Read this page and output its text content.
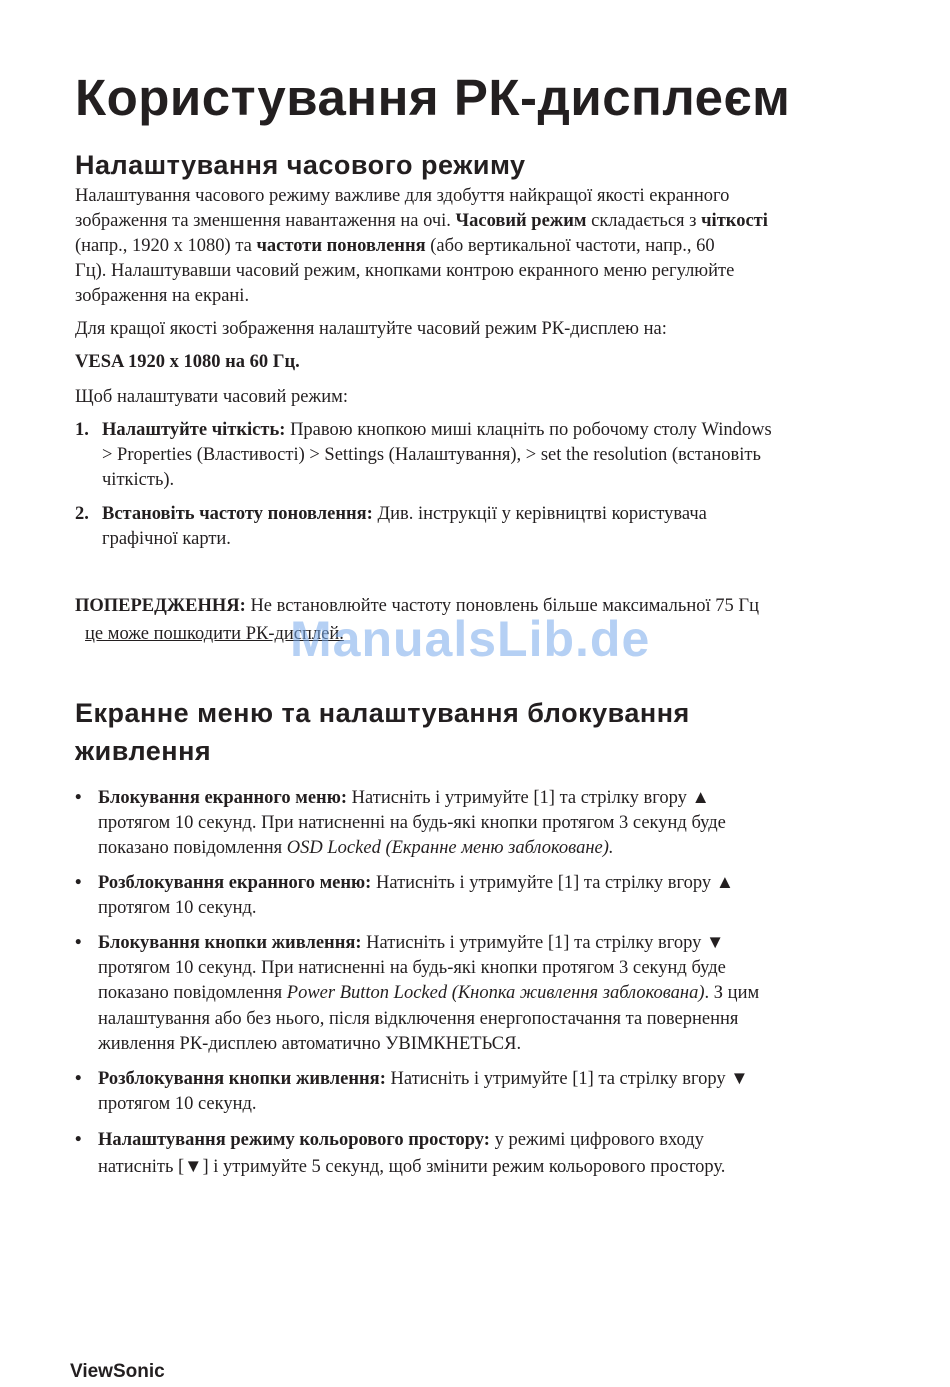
Користування РК-дисплеєм
Налаштування часового режиму
Налаштування часового режиму важливе для здобуття найкращої якості екранного
зображення та зменшення навантаження на очі. Часовий режим складається з чіткості
(напр., 1920 x 1080) та частоти поновлення (або вертикальної частоти, напр., 60
Гц). Налаштувавши часовий режим, кнопками контрою екранного меню регулюйте
зображення на екрані.
Для кращої якості зображення налаштуйте часовий режим РК-дисплею на:
VESA 1920 x 1080 на 60 Гц.
Щоб налаштувати часовий режим:
1. Налаштуйте чіткість: Правою кнопкою миші клацніть по робочому столу Windows
> Properties (Властивості) > Settings (Налаштування), > set the resolution (встановіть
чіткість).
2. Встановіть частоту поновлення: Див. інструкції у керівництві користувача
графічної карти.
ПОПЕРЕДЖЕННЯ: Не встановлюйте частоту поновлень більше максимальної 75 Гц
це може пошкодити РК-дисплей.
ManualsLib.de
Екранне меню та налаштування блокування
живлення
• Блокування екранного меню: Натисніть і утримуйте [1] та стрілку вгору ▲
протягом 10 секунд. При натисненні на будь-які кнопки протягом 3 секунд буде
показано повідомлення OSD Locked (Екранне меню заблоковане).
• Розблокування екранного меню: Натисніть і утримуйте [1] та стрілку вгору ▲
протягом 10 секунд.
• Блокування кнопки живлення: Натисніть і утримуйте [1] та стрілку вгору ▼
протягом 10 секунд. При натисненні на будь-які кнопки протягом 3 секунд буде
показано повідомлення Power Button Locked (Кнопка живлення заблокована). З цим
налаштування або без нього, після відключення енергопостачання та повернення
живлення РК-дисплею автоматично УВІМКНЕТЬСЯ.
• Розблокування кнопки живлення: Натисніть і утримуйте [1] та стрілку вгору ▼
протягом 10 секунд.
• Налаштування режиму кольорового простору: у режимі цифрового входу
натисніть [▼] і утримуйте 5 секунд, щоб змінити режим кольорового простору.
ViewSonic
